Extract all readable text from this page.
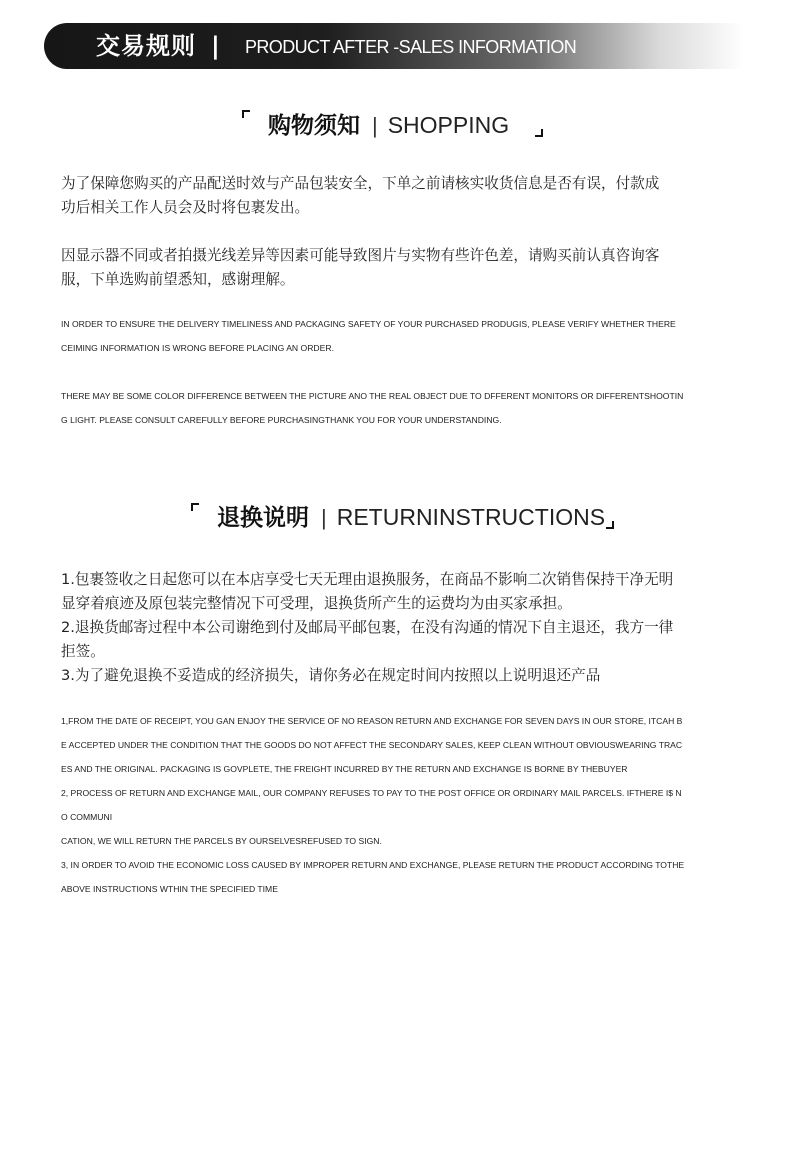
交易规则 | PRODUCT AFTER -SALES INFORMATION
购物须知 | SHOPPING
为了保障您购买的产品配送时效与产品包装安全，下单之前请核实收货信息是否有误，付款成
功后相关工作人员会及时将包裹发出。
因显示器不同或者拍摄光线差异等因素可能导致图片与实物有些许色差，请购买前认真咨询客
服，下单选购前望悉知，感谢理解。
IN ORDER TO ENSURE THE DELIVERY TIMELINESS AND PACKAGING SAFETY OF YOUR PURCHASED PRODUGIS, PLEASE VERIFY WHETHER THERE
CEIMING INFORMATION IS WRONG BEFORE PLACING AN ORDER.
THERE MAY BE SOME COLOR DIFFERENCE BETWEEN THE PICTURE ANO THE REAL OBJECT DUE TO DFFERENT MONITORS OR DIFFERENTSHOOTIN
G LIGHT. PLEASE CONSULT CAREFULLY BEFORE PURCHASINGTHANK YOU FOR YOUR UNDERSTANDING.
退换说明 | RETURNINSTRUCTIONS
1.包裹签收之日起您可以在本店享受七天无理由退换服务，在商品不影响二次销售保持干净无明
显穿着痕迹及原包装完整情况下可受理，退换货所产生的运费均为由买家承担。
2.退换货邮寄过程中本公司谢绝到付及邮局平邮包裹，在没有沟通的情况下自主退还，我方一律
拒签。
3.为了避免退换不妥造成的经济损失，请你务必在规定时间内按照以上说明退还产品
1,FROM THE DATE OF RECEIPT, YOU GAN ENJOY THE SERVICE OF NO REASON RETURN AND EXCHANGE FOR SEVEN DAYS IN OUR STORE, ITCAH B
E ACCEPTED UNDER THE CONDITION THAT THE GOODS DO NOT AFFECT THE SECONDARY SALES, KEEP CLEAN WITHOUT OBVIOUSWEARING TRAC
ES AND THE ORIGINAL. PACKAGING IS GOVPLETE, THE FREIGHT INCURRED BY THE RETURN AND EXCHANGE IS BORNE BY THEBUYER
2, PROCESS OF RETURN AND EXCHANGE MAIL, OUR COMPANY REFUSES TO PAY TO THE POST OFFICE OR ORDINARY MAIL PARCELS. IFTHERE I$ N
O COMMUNI
CATION, WE WILL RETURN THE PARCELS BY OURSELVESREFUSED TO SIGN.
3, IN ORDER TO AVOID THE ECONOMIC LOSS CAUSED BY IMPROPER RETURN AND EXCHANGE, PLEASE RETURN THE PRODUCT ACCORDING TOTHE
ABOVE INSTRUCTIONS WTHIN THE SPECIFIED TIME
